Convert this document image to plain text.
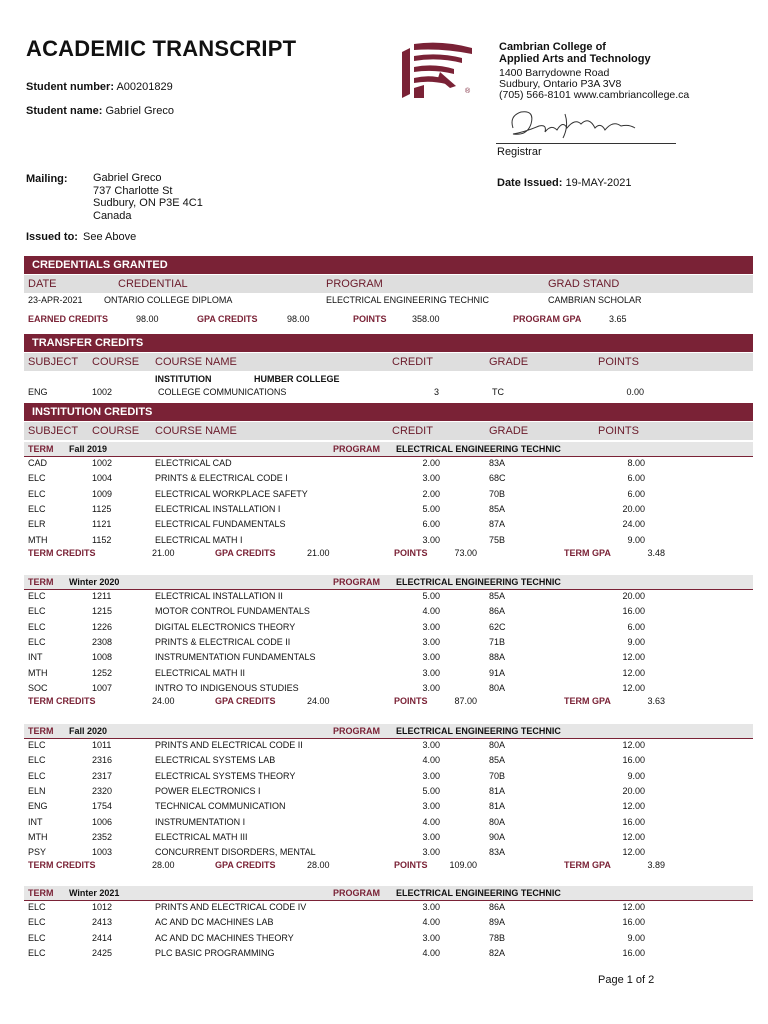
ACADEMIC TRANSCRIPT
Student number: A00201829
Student name: Gabriel Greco
Mailing: Gabriel Greco
737 Charlotte St
Sudbury, ON P3E 4C1
Canada
Issued to: See Above
®
Cambrian College of
Applied Arts and Technology
1400 Barrydowne Road
Sudbury, Ontario P3A 3V8
(705) 566-8101 www.cambriancollege.ca
Registrar
Date Issued: 19-MAY-2021
CREDENTIALS GRANTED
DATE	CREDENTIAL	PROGRAM	GRAD STAND
23-APR-2021 ONTARIO COLLEGE DIPLOMA	ELECTRICAL ENGINEERING TECHNIC	CAMBRIAN SCHOLAR
EARNED CREDITS	98.00	GPA CREDITS	98.00	POINTS	358.00	PROGRAM GPA	3.65
TRANSFER CREDITS
SUBJECT COURSE COURSE NAME	CREDIT	GRADE	POINTS
INSTITUTION	HUMBER COLLEGE
ENG	1002	COLLEGE COMMUNICATIONS	3	TC	0.00
INSTITUTION CREDITS
SUBJECT COURSE COURSE NAME	CREDIT	GRADE	POINTS
TERM Fall 2019	PROGRAM ELECTRICAL ENGINEERING TECHNIC
CAD	1002	ELECTRICAL CAD	2.00	83A	8.00
ELC	1004	PRINTS & ELECTRICAL CODE I	3.00	68C	6.00
ELC	1009	ELECTRICAL WORKPLACE SAFETY	2.00	70B	6.00
ELC	1125	ELECTRICAL INSTALLATION I	5.00	85A	20.00
ELR	1121	ELECTRICAL FUNDAMENTALS	6.00	87A	24.00
MTH	1152	ELECTRICAL MATH I	3.00	75B	9.00
TERM CREDITS	21.00	GPA CREDITS	21.00	POINTS	73.00	TERM GPA	3.48
TERM Winter 2020	PROGRAM ELECTRICAL ENGINEERING TECHNIC
ELC	1211	ELECTRICAL INSTALLATION II	5.00	85A	20.00
ELC	1215	MOTOR CONTROL FUNDAMENTALS	4.00	86A	16.00
ELC	1226	DIGITAL ELECTRONICS THEORY	3.00	62C	6.00
ELC	2308	PRINTS & ELECTRICAL CODE II	3.00	71B	9.00
INT	1008	INSTRUMENTATION FUNDAMENTALS	3.00	88A	12.00
MTH	1252	ELECTRICAL MATH II	3.00	91A	12.00
SOC	1007	INTRO TO INDIGENOUS STUDIES	3.00	80A	12.00
TERM CREDITS	24.00	GPA CREDITS	24.00	POINTS	87.00	TERM GPA	3.63
TERM Fall 2020	PROGRAM ELECTRICAL ENGINEERING TECHNIC
ELC	1011	PRINTS AND ELECTRICAL CODE II	3.00	80A	12.00
ELC	2316	ELECTRICAL SYSTEMS LAB	4.00	85A	16.00
ELC	2317	ELECTRICAL SYSTEMS THEORY	3.00	70B	9.00
ELN	2320	POWER ELECTRONICS I	5.00	81A	20.00
ENG	1754	TECHNICAL COMMUNICATION	3.00	81A	12.00
INT	1006	INSTRUMENTATION I	4.00	80A	16.00
MTH	2352	ELECTRICAL MATH III	3.00	90A	12.00
PSY	1003	CONCURRENT DISORDERS, MENTAL	3.00	83A	12.00
TERM CREDITS	28.00	GPA CREDITS	28.00	POINTS	109.00	TERM GPA	3.89
TERM Winter 2021	PROGRAM ELECTRICAL ENGINEERING TECHNIC
ELC	1012	PRINTS AND ELECTRICAL CODE IV	3.00	86A	12.00
ELC	2413	AC AND DC MACHINES LAB	4.00	89A	16.00
ELC	2414	AC AND DC MACHINES THEORY	3.00	78B	9.00
ELC	2425	PLC BASIC PROGRAMMING	4.00	82A	16.00
Page 1 of 2
